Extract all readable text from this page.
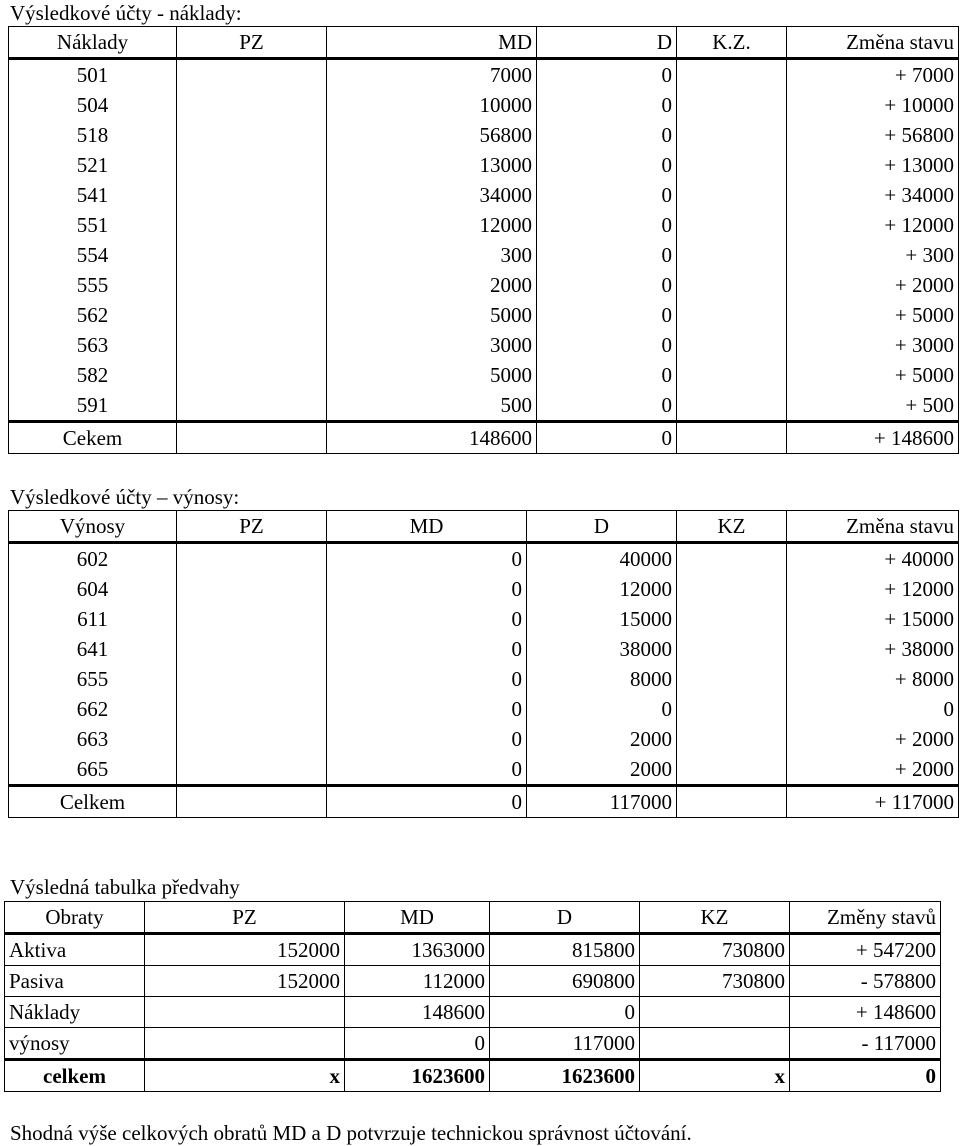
Výsledkové účty - náklady:
Náklady	PZ	MD	D	K.Z.	Změna stavu
501		7000	0		+ 7000
504		10000	0		+ 10000
518		56800	0		+ 56800
521		13000	0		+ 13000
541		34000	0		+ 34000
551		12000	0		+ 12000
554		300	0		+ 300
555		2000	0		+ 2000
562		5000	0		+ 5000
563		3000	0		+ 3000
582		5000	0		+ 5000
591		500	0		+ 500
Cekem		148600	0		+ 148600
Výsledkové účty – výnosy:
Výnosy	PZ	MD	D	KZ	Změna stavu
602		0	40000		+ 40000
604		0	12000		+ 12000
611		0	15000		+ 15000
641		0	38000		+ 38000
655		0	8000		+ 8000
662		0	0		0
663		0	2000		+ 2000
665		0	2000		+ 2000
Celkem		0	117000		+ 117000
Výsledná tabulka předvahy
Obraty	PZ	MD	D	KZ	Změny stavů
Aktiva	152000	1363000	815800	730800	+ 547200
Pasiva	152000	112000	690800	730800	- 578800
Náklady		148600	0		+ 148600
výnosy		0	117000		- 117000
celkem	x	1623600	1623600	x	0
Shodná výše celkových obratů MD a D potvrzuje technickou správnost účtování.
